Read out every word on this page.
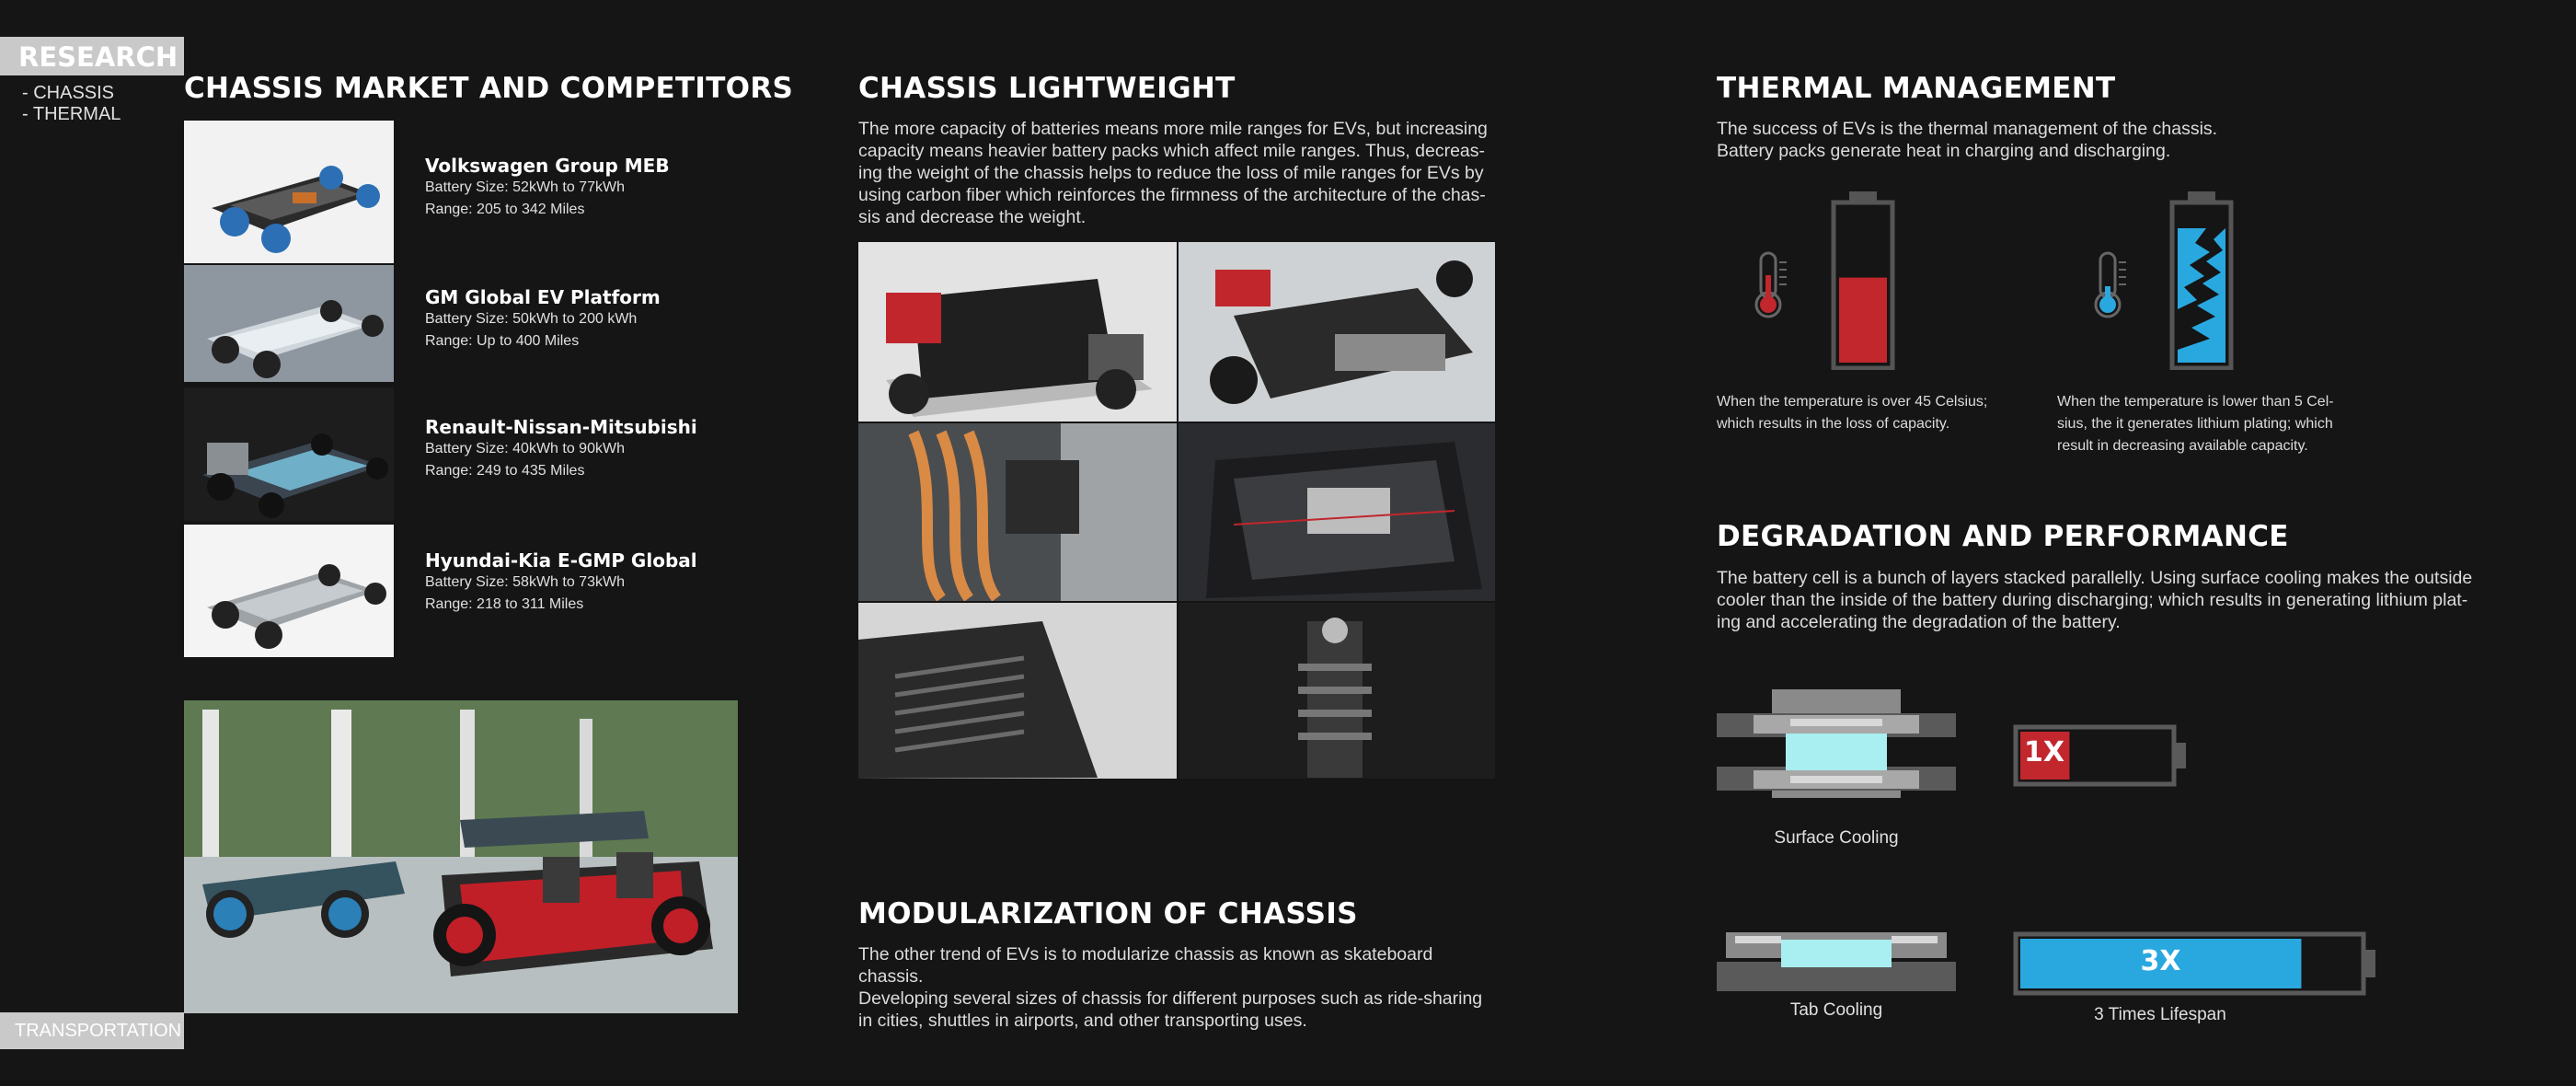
RESEARCH
- CHASSIS
- THERMAL
TRANSPORTATION
CHASSIS MARKET AND COMPETITORS
Volkswagen Group MEB
Battery Size: 52kWh to 77kWh
Range: 205 to 342 Miles
GM Global EV Platform
Battery Size: 50kWh to 200 kWh
Range: Up to 400 Miles
Renault-Nissan-Mitsubishi
Battery Size: 40kWh to 90kWh
Range: 249 to 435 Miles
Hyundai-Kia E-GMP Global
Battery Size: 58kWh to 73kWh
Range: 218 to 311 Miles
CHASSIS LIGHTWEIGHT
The more capacity of batteries means more mile ranges for EVs, but increasing
capacity means heavier battery packs which affect mile ranges. Thus, decreas-
ing the weight of the chassis helps to reduce the loss of mile ranges for EVs by
using carbon fiber which reinforces the firmness of the architecture of the chas-
sis and decrease the weight.
MODULARIZATION OF CHASSIS
The other trend of EVs is to modularize chassis as known as skateboard chassis.
Developing several sizes of chassis for different purposes such as ride-sharing
in cities, shuttles in airports, and other transporting uses.
THERMAL MANAGEMENT
The success of EVs is the thermal management of the chassis.
Battery packs generate heat in charging and discharging.
When the temperature is over 45 Celsius;
which results in the loss of capacity.
When the temperature is lower than 5 Cel-
sius, the it generates lithium plating; which
result in decreasing available capacity.
DEGRADATION AND PERFORMANCE
The battery cell is a bunch of layers stacked parallelly. Using surface cooling makes the outside
cooler than the inside of the battery during discharging; which results in generating lithium plat-
ing and accelerating the degradation of the battery.
Surface Cooling
1X
Tab Cooling
3X
3 Times Lifespan
